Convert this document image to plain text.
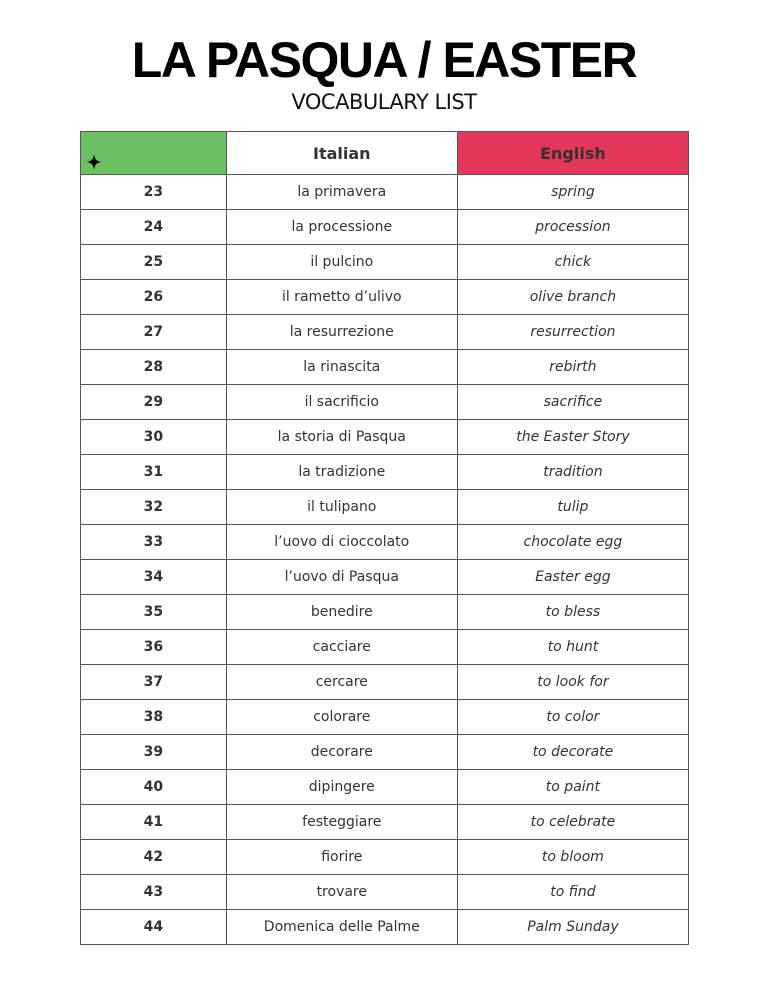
LA PASQUA / EASTER
VOCABULARY LIST
	Italian	English
23	la primavera	spring
24	la processione	procession
25	il pulcino	chick
26	il rametto d’ulivo	olive branch
27	la resurrezione	resurrection
28	la rinascita	rebirth
29	il sacrificio	sacrifice
30	la storia di Pasqua	the Easter Story
31	la tradizione	tradition
32	il tulipano	tulip
33	l’uovo di cioccolato	chocolate egg
34	l’uovo di Pasqua	Easter egg
35	benedire	to bless
36	cacciare	to hunt
37	cercare	to look for
38	colorare	to color
39	decorare	to decorate
40	dipingere	to paint
41	festeggiare	to celebrate
42	fiorire	to bloom
43	trovare	to find
44	Domenica delle Palme	Palm Sunday
